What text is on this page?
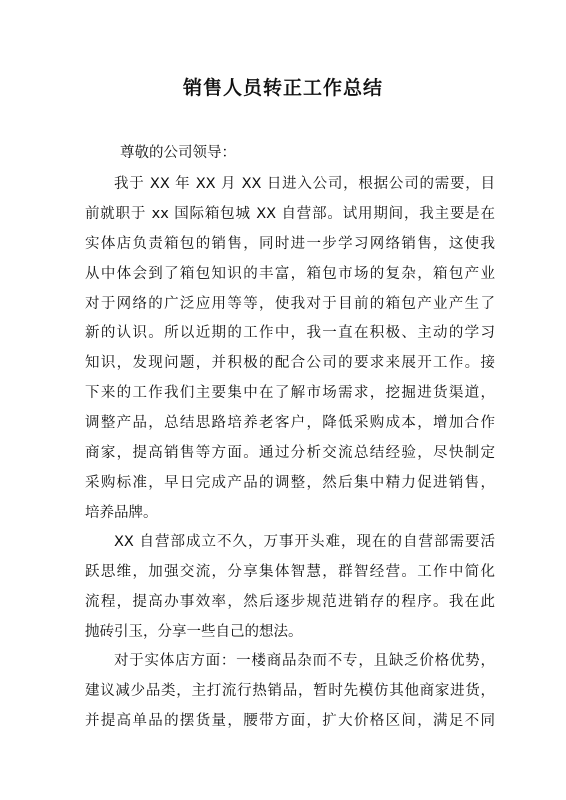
销售人员转正工作总结

尊敬的公司领导：

我于 XX 年 XX 月 XX 日进入公司，根据公司的需要，目
前就职于 xx 国际箱包城 XX 自营部。试用期间，我主要是在
实体店负责箱包的销售，同时进一步学习网络销售，这使我
从中体会到了箱包知识的丰富，箱包市场的复杂，箱包产业
对于网络的广泛应用等等，使我对于目前的箱包产业产生了
新的认识。所以近期的工作中，我一直在积极、主动的学习
知识，发现问题，并积极的配合公司的要求来展开工作。接
下来的工作我们主要集中在了解市场需求，挖掘进货渠道，
调整产品，总结思路培养老客户，降低采购成本，增加合作
商家，提高销售等方面。通过分析交流总结经验，尽快制定
采购标准，早日完成产品的调整，然后集中精力促进销售，
培养品牌。
XX 自营部成立不久，万事开头难，现在的自营部需要活
跃思维，加强交流，分享集体智慧，群智经营。工作中简化
流程，提高办事效率，然后逐步规范进销存的程序。我在此
抛砖引玉，分享一些自己的想法。
对于实体店方面：一楼商品杂而不专，且缺乏价格优势，
建议减少品类，主打流行热销品，暂时先模仿其他商家进货，
并提高单品的摆货量，腰带方面，扩大价格区间，满足不同
